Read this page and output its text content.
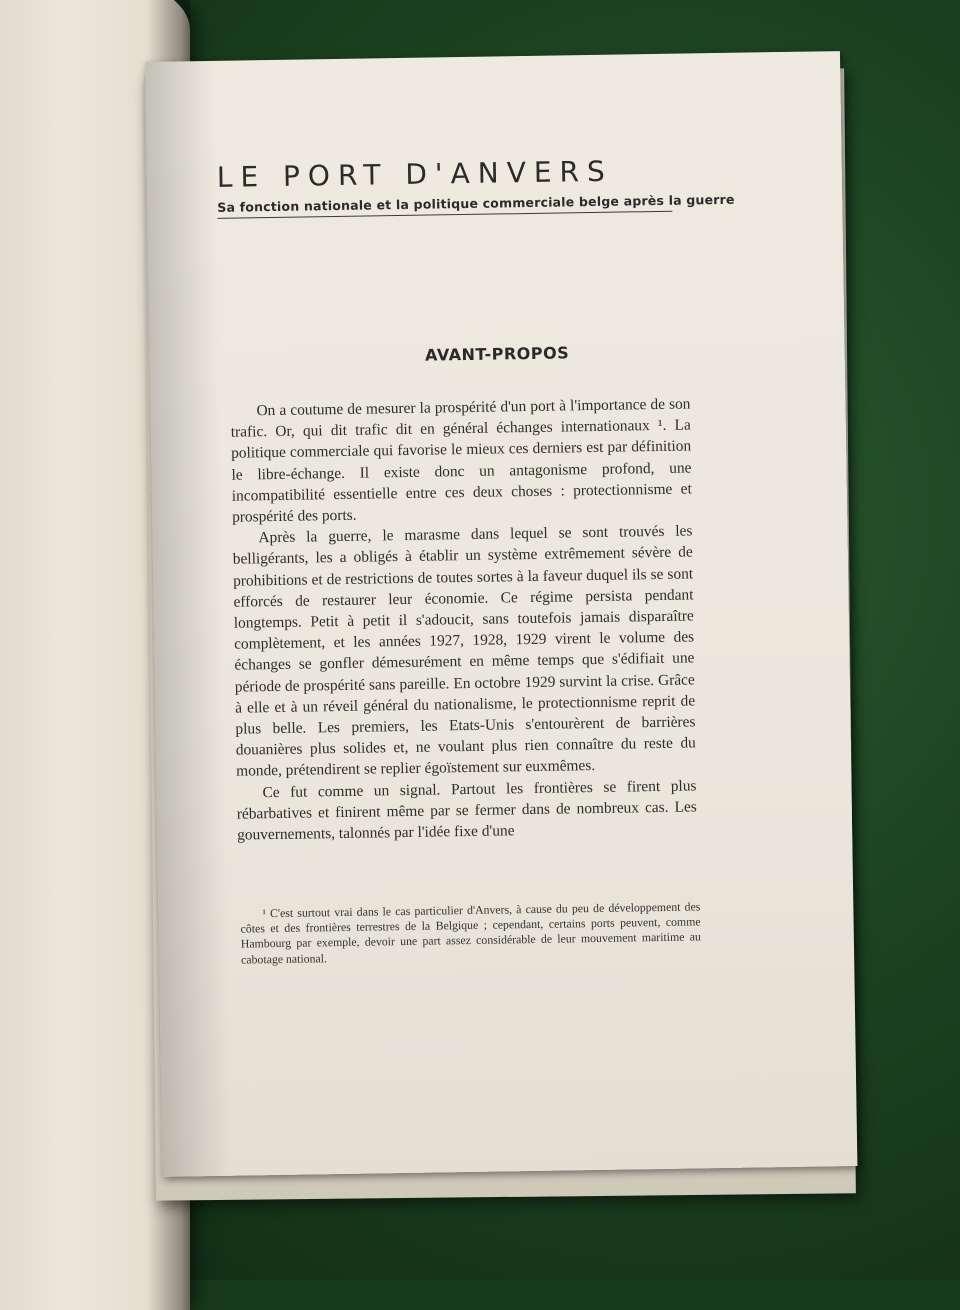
LE PORT D'ANVERS
Sa fonction nationale et la politique commerciale belge après la guerre
AVANT-PROPOS

On a coutume de mesurer la prospérité d'un port à l'importance de son trafic. Or, qui dit trafic dit en général échanges internationaux ¹. La politique commerciale qui favorise le mieux ces derniers est par définition le libre-échange. Il existe donc un antagonisme profond, une incompatibilité essentielle entre ces deux choses : protectionnisme et prospérité des ports.

Après la guerre, le marasme dans lequel se sont trouvés les belligérants, les a obligés à établir un système extrêmement sévère de prohibitions et de restrictions de toutes sortes à la faveur duquel ils se sont efforcés de restaurer leur économie. Ce régime persista pendant longtemps. Petit à petit il s'adoucit, sans toutefois jamais disparaître complètement, et les années 1927, 1928, 1929 virent le volume des échanges se gonfler démesurément en même temps que s'édifiait une période de prospérité sans pareille. En octobre 1929 survint la crise. Grâce à elle et à un réveil général du nationalisme, le protectionnisme reprit de plus belle. Les premiers, les Etats-Unis s'entourèrent de barrières douanières plus solides et, ne voulant plus rien connaître du reste du monde, prétendirent se replier égoïstement sur euxmêmes.

Ce fut comme un signal. Partout les frontières se firent plus rébarbatives et finirent même par se fermer dans de nombreux cas. Les gouvernements, talonnés par l'idée fixe d'une

¹ C'est surtout vrai dans le cas particulier d'Anvers, à cause du peu de développement des côtes et des frontières terrestres de la Belgique ; cependant, certains ports peuvent, comme Hambourg par exemple, devoir une part assez considérable de leur mouvement maritime au cabotage national.
